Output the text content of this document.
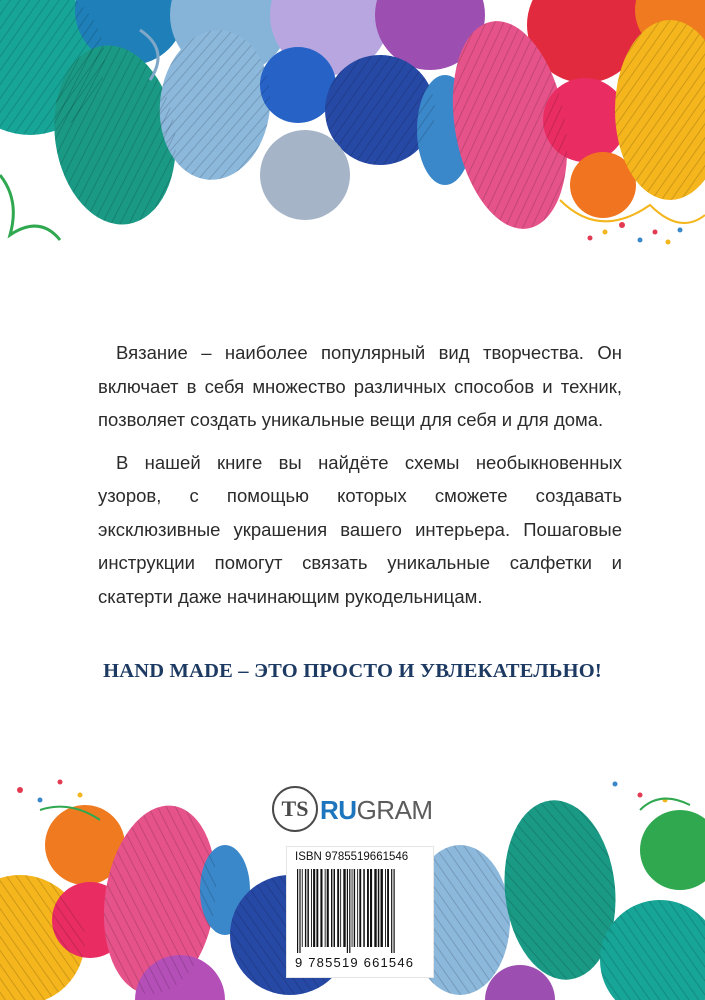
Вязание – наиболее популярный вид творчества. Он включает в себя множество различных способов и техник, позволяет создать уникальные вещи для себя и для дома.

В нашей книге вы найдёте схемы необыкновенных узоров, с помощью которых сможете создавать эксклюзивные украшения вашего интерьера. Пошаговые инструкции помогут связать уникальные салфетки и скатерти даже начинающим рукодельницам.

HAND MADE – ЭТО ПРОСТО И УВЛЕКАТЕЛЬНО!
TS RUGRAM
ISBN 9785519661546
9 785519 661546
